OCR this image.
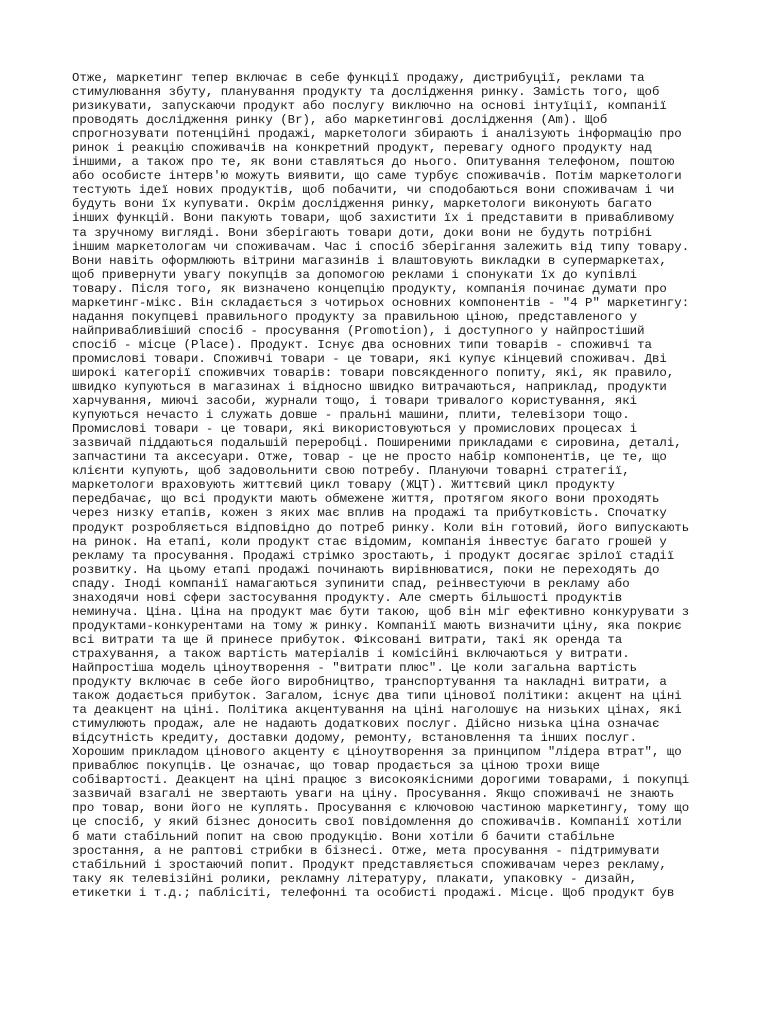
Отже, маркетинг тепер включає в себе функції продажу, дистрибуції, реклами та
стимулювання збуту, планування продукту та дослідження ринку. Замість того, щоб
ризикувати, запускаючи продукт або послугу виключно на основі інтуїції, компанії
проводять дослідження ринку (Br), або маркетингові дослідження (Am). Щоб
спрогнозувати потенційні продажі, маркетологи збирають і аналізують інформацію про
ринок і реакцію споживачів на конкретний продукт, перевагу одного продукту над
іншими, а також про те, як вони ставляться до нього. Опитування телефоном, поштою
або особисте інтерв'ю можуть виявити, що саме турбує споживачів. Потім маркетологи
тестують ідеї нових продуктів, щоб побачити, чи сподобаються вони споживачам і чи
будуть вони їх купувати. Окрім дослідження ринку, маркетологи виконують багато
інших функцій. Вони пакують товари, щоб захистити їх і представити в привабливому
та зручному вигляді. Вони зберігають товари доти, доки вони не будуть потрібні
іншим маркетологам чи споживачам. Час і спосіб зберігання залежить від типу товару.
Вони навіть оформлюють вітрини магазинів і влаштовують викладки в супермаркетах,
щоб привернути увагу покупців за допомогою реклами і спонукати їх до купівлі
товару. Після того, як визначено концепцію продукту, компанія починає думати про
маркетинг-мікс. Він складається з чотирьох основних компонентів - "4 Р" маркетингу:
надання покупцеві правильного продукту за правильною ціною, представленого у
найпривабливіший спосіб - просування (Promotion), і доступного у найпростіший
спосіб - місце (Place). Продукт. Існує два основних типи товарів - споживчі та
промислові товари. Споживчі товари - це товари, які купує кінцевий споживач. Дві
широкі категорії споживчих товарів: товари повсякденного попиту, які, як правило,
швидко купуються в магазинах і відносно швидко витрачаються, наприклад, продукти
харчування, миючі засоби, журнали тощо, і товари тривалого користування, які
купуються нечасто і служать довше - пральні машини, плити, телевізори тощо.
Промислові товари - це товари, які використовуються у промислових процесах і
зазвичай піддаються подальшій переробці. Поширеними прикладами є сировина, деталі,
запчастини та аксесуари. Отже, товар - це не просто набір компонентів, це те, що
клієнти купують, щоб задовольнити свою потребу. Плануючи товарні стратегії,
маркетологи враховують життєвий цикл товару (ЖЦТ). Життєвий цикл продукту
передбачає, що всі продукти мають обмежене життя, протягом якого вони проходять
через низку етапів, кожен з яких має вплив на продажі та прибутковість. Спочатку
продукт розробляється відповідно до потреб ринку. Коли він готовий, його випускають
на ринок. На етапі, коли продукт стає відомим, компанія інвестує багато грошей у
рекламу та просування. Продажі стрімко зростають, і продукт досягає зрілої стадії
розвитку. На цьому етапі продажі починають вирівнюватися, поки не переходять до
спаду. Іноді компанії намагаються зупинити спад, реінвестуючи в рекламу або
знаходячи нові сфери застосування продукту. Але смерть більшості продуктів
неминуча. Ціна. Ціна на продукт має бути такою, щоб він міг ефективно конкурувати з
продуктами-конкурентами на тому ж ринку. Компанії мають визначити ціну, яка покриє
всі витрати та ще й принесе прибуток. Фіксовані витрати, такі як оренда та
страхування, а також вартість матеріалів і комісійні включаються у витрати.
Найпростіша модель ціноутворення - "витрати плюс". Це коли загальна вартість
продукту включає в себе його виробництво, транспортування та накладні витрати, а
також додається прибуток. Загалом, існує два типи цінової політики: акцент на ціні
та деакцент на ціні. Політика акцентування на ціні наголошує на низьких цінах, які
стимулюють продаж, але не надають додаткових послуг. Дійсно низька ціна означає
відсутність кредиту, доставки додому, ремонту, встановлення та інших послуг.
Хорошим прикладом цінового акценту є ціноутворення за принципом "лідера втрат", що
приваблює покупців. Це означає, що товар продається за ціною трохи вище
собівартості. Деакцент на ціні працює з високоякісними дорогими товарами, і покупці
зазвичай взагалі не звертають уваги на ціну. Просування. Якщо споживачі не знають
про товар, вони його не куплять. Просування є ключовою частиною маркетингу, тому що
це спосіб, у який бізнес доносить свої повідомлення до споживачів. Компанії хотіли
б мати стабільний попит на свою продукцію. Вони хотіли б бачити стабільне
зростання, а не раптові стрибки в бізнесі. Отже, мета просування - підтримувати
стабільний і зростаючий попит. Продукт представляється споживачам через рекламу,
таку як телевізійні ролики, рекламну літературу, плакати, упаковку - дизайн,
етикетки і т.д.; паблісіті, телефонні та особисті продажі. Місце. Щоб продукт був
